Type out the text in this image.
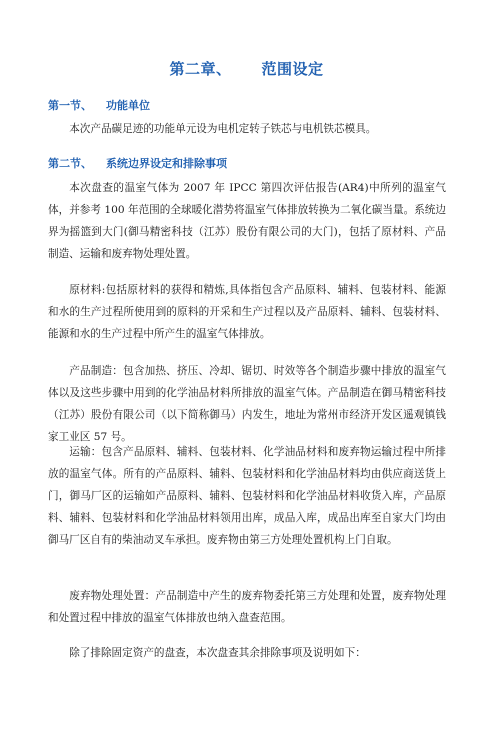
第二章、 范围设定
第一节、 功能单位

本次产品碳足迹的功能单元设为电机定转子铁芯与电机铁芯模具。

第二节、 系统边界设定和排除事项

本次盘查的温室气体为 2007 年 IPCC 第四次评估报告(AR4)中所列的温室气体，并参考 100 年范围的全球暖化潜势将温室气体排放转换为二氧化碳当量。系统边界为摇篮到大门(御马精密科技（江苏）股份有限公司的大门)，包括了原材料、产品制造、运输和废弃物处理处置。

原材料:包括原材料的获得和精炼,具体指包含产品原料、辅料、包装材料、能源和水的生产过程所使用到的原料的开采和生产过程以及产品原料、辅料、包装材料、能源和水的生产过程中所产生的温室气体排放。

产品制造：包含加热、挤压、冷却、锯切、时效等各个制造步骤中排放的温室气体以及这些步骤中用到的化学油品材料所排放的温室气体。产品制造在御马精密科技（江苏）股份有限公司（以下简称御马）内发生，地址为常州市经济开发区遥观镇钱家工业区 57 号。

运输：包含产品原料、辅料、包装材料、化学油品材料和废弃物运输过程中所排放的温室气体。所有的产品原料、辅料、包装材料和化学油品材料均由供应商送货上门，御马厂区的运输如产品原料、辅料、包装材料和化学油品材料收货入库，产品原料、辅料、包装材料和化学油品材料领用出库，成品入库，成品出库至自家大门均由御马厂区自有的柴油动叉车承担。废弃物由第三方处理处置机构上门自取。

废弃物处理处置：产品制造中产生的废弃物委托第三方处理和处置，废弃物处理和处置过程中排放的温室气体排放也纳入盘查范围。

除了排除固定资产的盘查，本次盘查其余排除事项及说明如下：
